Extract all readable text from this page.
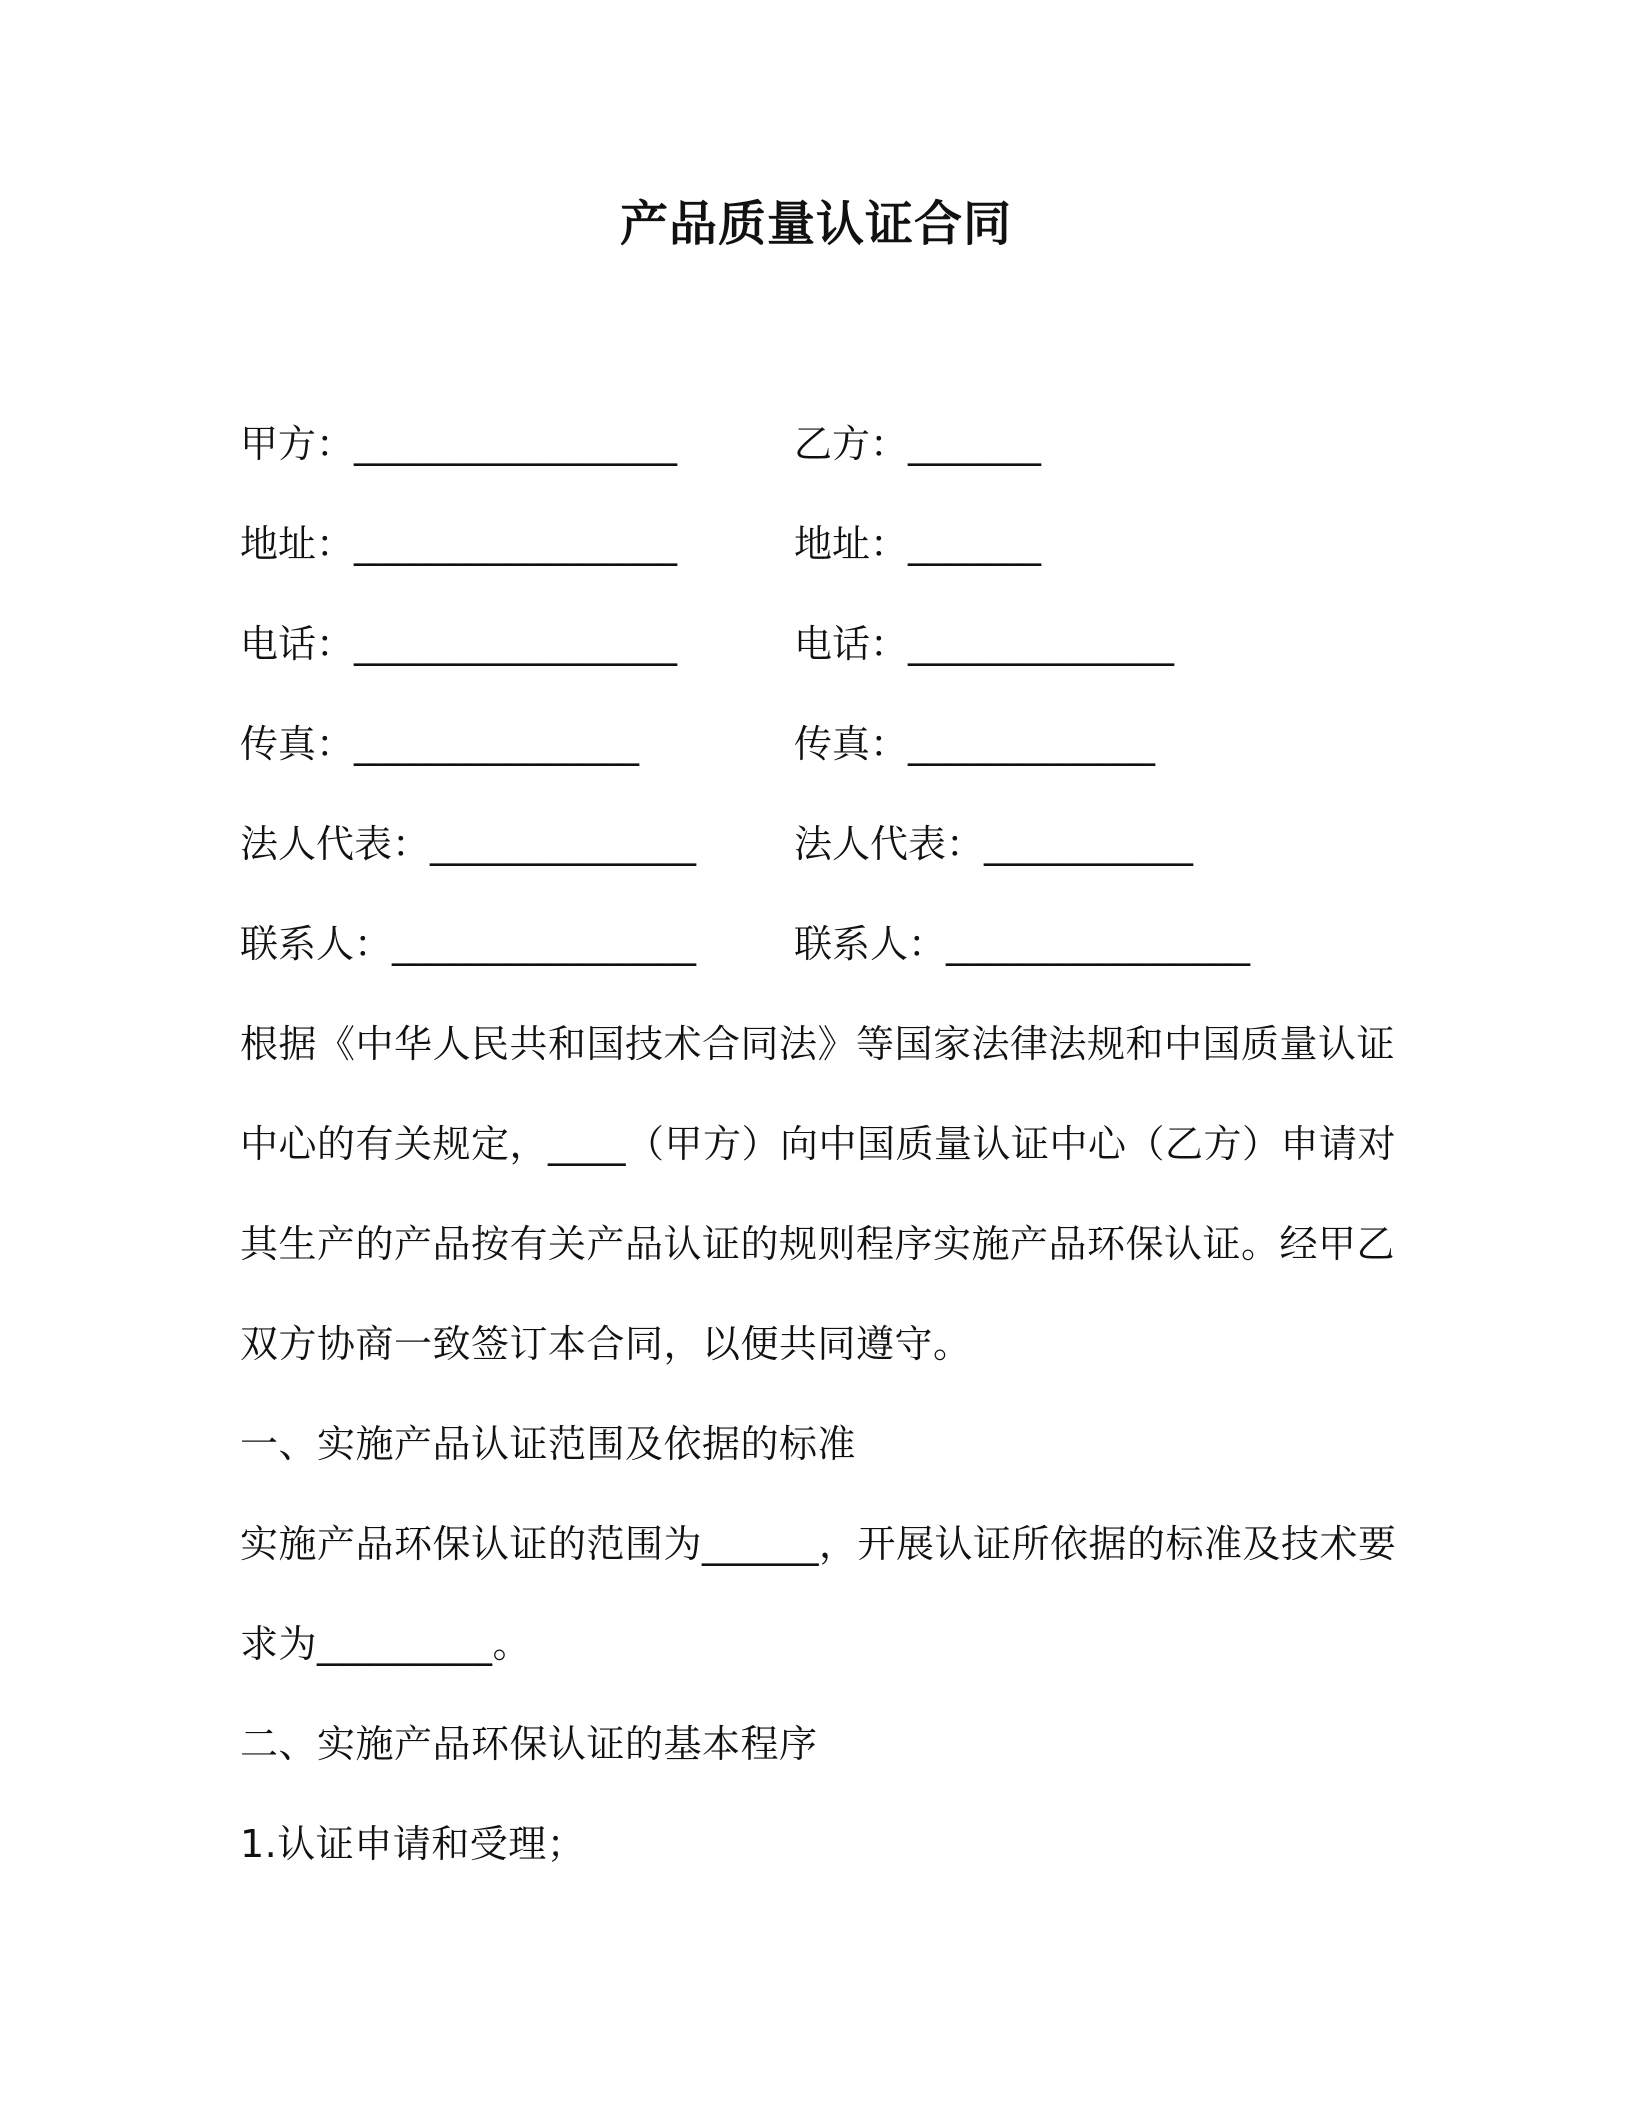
产品质量认证合同
甲方：_________________
地址：_________________
电话：_________________
传真：_______________
法人代表：______________
联系人：________________
乙方：_______
地址：_______
电话：______________
传真：_____________
法人代表：___________
联系人：________________
根据《中华人民共和国技术合同法》等国家法律法规和中国质量认证
中心的有关规定，____（甲方）向中国质量认证中心（乙方）申请对
其生产的产品按有关产品认证的规则程序实施产品环保认证。经甲乙
双方协商一致签订本合同，以便共同遵守。
一、实施产品认证范围及依据的标准
实施产品环保认证的范围为______，开展认证所依据的标准及技术要
求为_________。
二、实施产品环保认证的基本程序
1.认证申请和受理；
